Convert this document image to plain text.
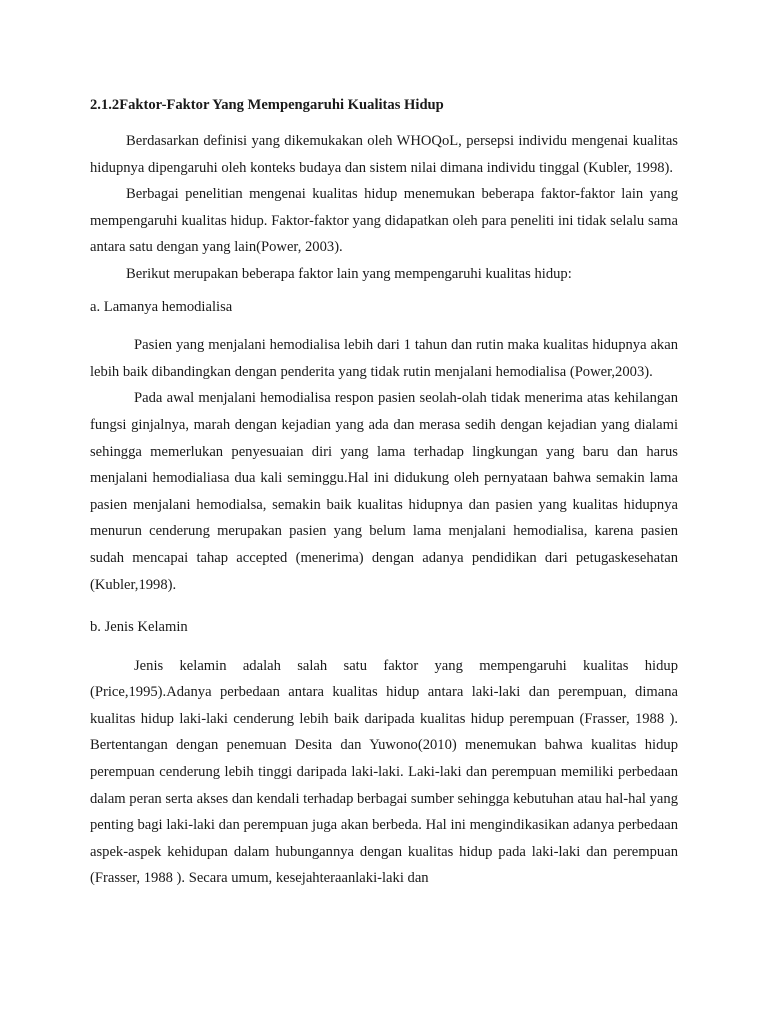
2.1.2Faktor-Faktor Yang Mempengaruhi Kualitas Hidup

Berdasarkan definisi yang dikemukakan oleh WHOQoL, persepsi individu mengenai kualitas hidupnya dipengaruhi oleh konteks budaya dan sistem nilai dimana individu tinggal (Kubler, 1998).

Berbagai penelitian mengenai kualitas hidup menemukan beberapa faktor-faktor lain yang mempengaruhi kualitas hidup. Faktor-faktor yang didapatkan oleh para peneliti ini tidak selalu sama antara satu dengan yang lain(Power, 2003).

Berikut merupakan beberapa faktor lain yang mempengaruhi kualitas hidup:

a. Lamanya hemodialisa

Pasien yang menjalani hemodialisa lebih dari 1 tahun dan rutin maka kualitas hidupnya akan lebih baik dibandingkan dengan penderita yang tidak rutin menjalani hemodialisa (Power,2003).

Pada awal menjalani hemodialisa respon pasien seolah-olah tidak menerima atas kehilangan fungsi ginjalnya, marah dengan kejadian yang ada dan merasa sedih dengan kejadian yang dialami sehingga memerlukan penyesuaian diri yang lama terhadap lingkungan yang baru dan harus menjalani hemodialiasa dua kali seminggu.Hal ini didukung oleh pernyataan bahwa semakin lama pasien menjalani hemodialsa, semakin baik kualitas hidupnya dan pasien yang kualitas hidupnya menurun cenderung merupakan pasien yang belum lama menjalani hemodialisa, karena pasien sudah mencapai tahap accepted (menerima) dengan adanya pendidikan dari petugaskesehatan (Kubler,1998).

b. Jenis Kelamin

Jenis kelamin adalah salah satu faktor yang mempengaruhi kualitas hidup (Price,1995).Adanya perbedaan antara kualitas hidup antara laki-laki dan perempuan, dimana kualitas hidup laki-laki cenderung lebih baik daripada kualitas hidup perempuan (Frasser, 1988 ). Bertentangan dengan penemuan Desita dan Yuwono(2010) menemukan bahwa kualitas hidup perempuan cenderung lebih tinggi daripada laki-laki. Laki-laki dan perempuan memiliki perbedaan dalam peran serta akses dan kendali terhadap berbagai sumber sehingga kebutuhan atau hal-hal yang penting bagi laki-laki dan perempuan juga akan berbeda. Hal ini mengindikasikan adanya perbedaan aspek-aspek kehidupan dalam hubungannya dengan kualitas hidup pada laki-laki dan perempuan (Frasser, 1988 ). Secara umum, kesejahteraanlaki-laki dan
